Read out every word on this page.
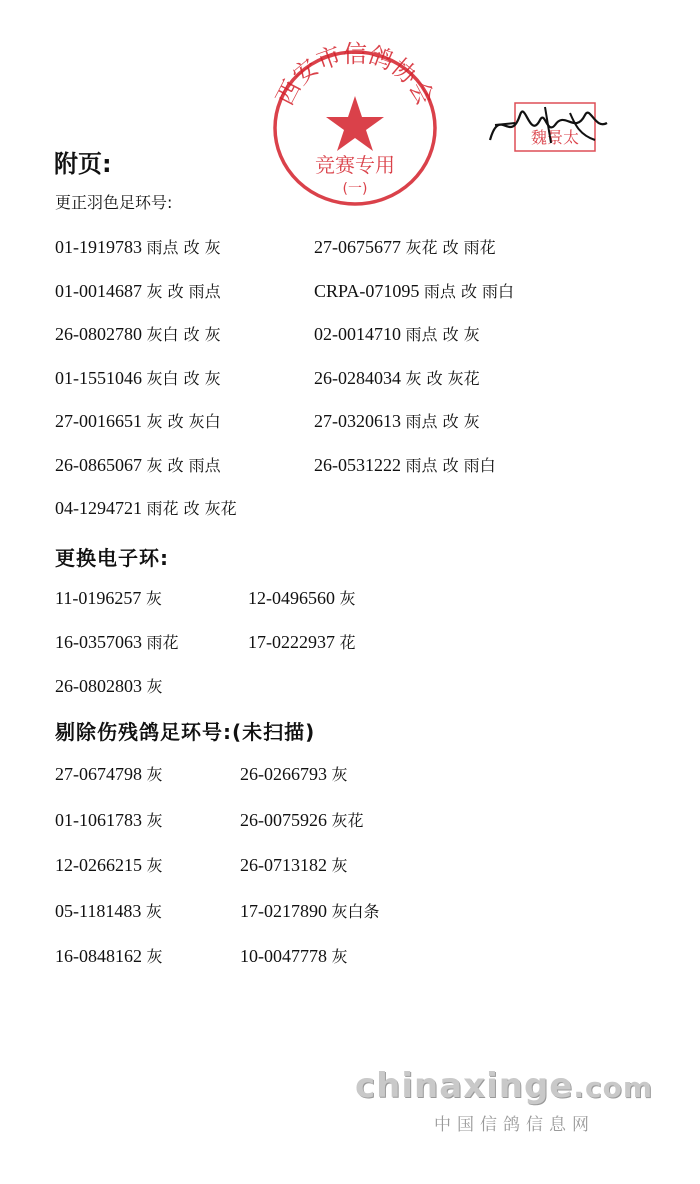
西安市信鸽协会
竞赛专用
(一)
魏景太
附页:
更正羽色足环号:
01-1919783 雨点 改 灰	27-0675677 灰花 改 雨花
01-0014687 灰 改 雨点	CRPA-071095 雨点 改 雨白
26-0802780 灰白 改 灰	02-0014710 雨点 改 灰
01-1551046 灰白 改 灰	26-0284034 灰 改 灰花
27-0016651 灰 改 灰白	27-0320613 雨点 改 灰
26-0865067 灰 改 雨点	26-0531222 雨点 改 雨白
04-1294721 雨花 改 灰花
更换电子环:
11-0196257 灰	12-0496560 灰
16-0357063 雨花	17-0222937 花
26-0802803 灰
剔除伤残鸽足环号:(未扫描)
27-0674798 灰	26-0266793 灰
01-1061783 灰	26-0075926 灰花
12-0266215 灰	26-0713182 灰
05-1181483 灰	17-0217890 灰白条
16-0848162 灰	10-0047778 灰
chinaxinge.com
中国信鸽信息网
